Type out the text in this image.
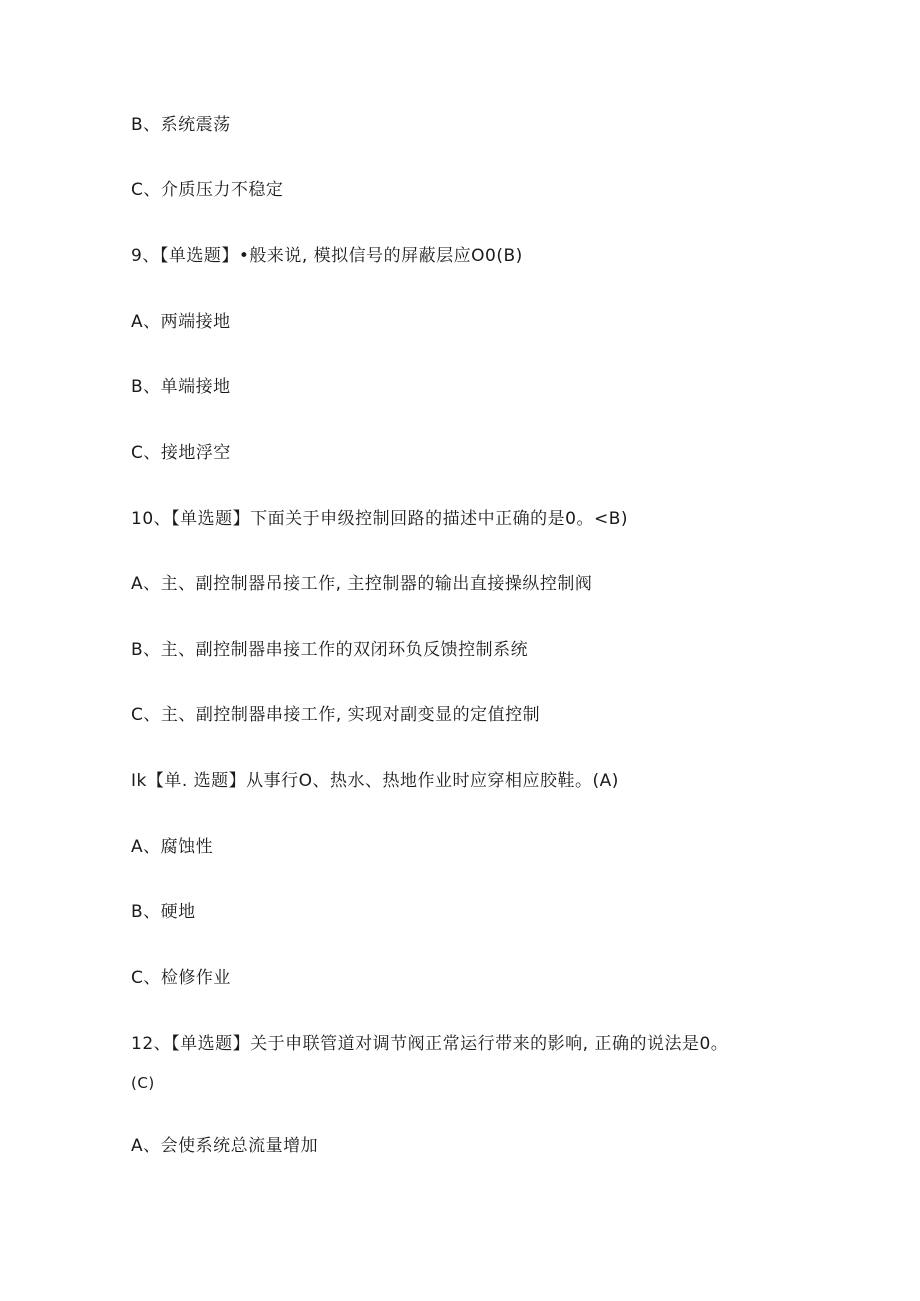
B、系统震荡
C、介质压力不稳定
9、【单选题】•般来说, 模拟信号的屏蔽层应O0(B)
A、两端接地
B、单端接地
C、接地浮空
10、【单选题】下面关于申级控制回路的描述中正确的是0。<B)
A、主、副控制器吊接工作, 主控制器的输出直接操纵控制阀
B、主、副控制器串接工作的双闭环负反馈控制系统
C、主、副控制器串接工作, 实现对副变显的定值控制
Ik【单. 选题】从事行O、热水、热地作业时应穿相应胶鞋。(A)
A、腐蚀性
B、硬地
C、检修作业
12、【单选题】关于申联管道对调节阀正常运行带来的影响, 正确的说法是0。
(C)
A、会使系统总流量增加
